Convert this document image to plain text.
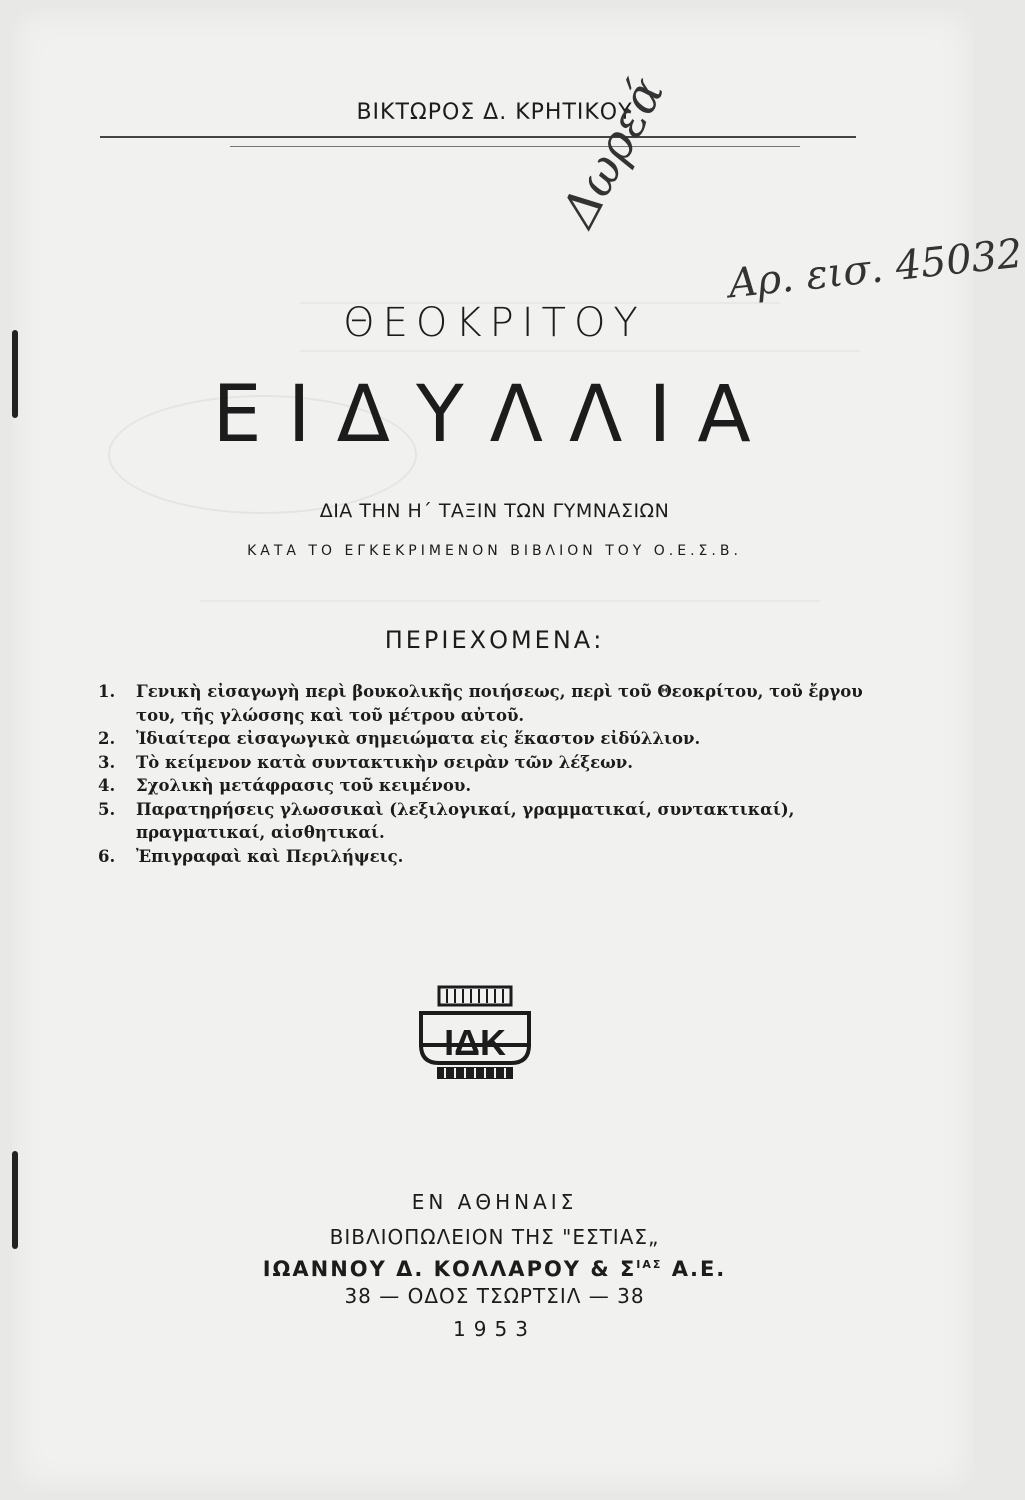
ΒΙΚΤΩΡΟΣ Δ. ΚΡΗΤΙΚΟΥ
Δωρεά
Αρ. εισ. 45032
ΘΕΟΚΡΙΤΟΥ
ΕΙΔΥΛΛΙΑ
ΔΙΑ ΤΗΝ Η΄ ΤΑΞΙΝ ΤΩΝ ΓΥΜΝΑΣΙΩΝ
ΚΑΤΑ ΤΟ ΕΓΚΕΚΡΙΜΕΝΟΝ ΒΙΒΛΙΟΝ ΤΟΥ Ο.Ε.Σ.Β.
ΠΕΡΙΕΧΟΜΕΝΑ:
1.	Γενικὴ εἰσαγωγὴ περὶ βουκολικῆς ποιήσεως, περὶ τοῦ Θεοκρίτου, τοῦ ἔργου του, τῆς γλώσσης καὶ τοῦ μέτρου αὐτοῦ.
2.	Ἰδιαίτερα εἰσαγωγικὰ σημειώματα εἰς ἕκαστον εἰδύλλιον.
3.	Τὸ κείμενον κατὰ συντακτικὴν σειρὰν τῶν λέξεων.
4.	Σχολικὴ μετάφρασις τοῦ κειμένου.
5.	Παρατηρήσεις γλωσσικαὶ (λεξιλογικαί, γραμματικαί, συντακτικαί), πραγματικαί, αἰσθητικαί.
6.	Ἐπιγραφαὶ καὶ Περιλήψεις.
ΙΔΚ
ΕΝ ΑΘΗΝΑΙΣ
ΒΙΒΛΙΟΠΩΛΕΙΟΝ ΤΗΣ "ΕΣΤΙΑΣ„
ΙΩΑΝΝΟΥ Δ. ΚΟΛΛΑΡΟΥ & $\Sigma^{IA\Sigma}$ Α.Ε.
38 — ΟΔΟΣ ΤΣΩΡΤΣΙΛ — 38
1953
